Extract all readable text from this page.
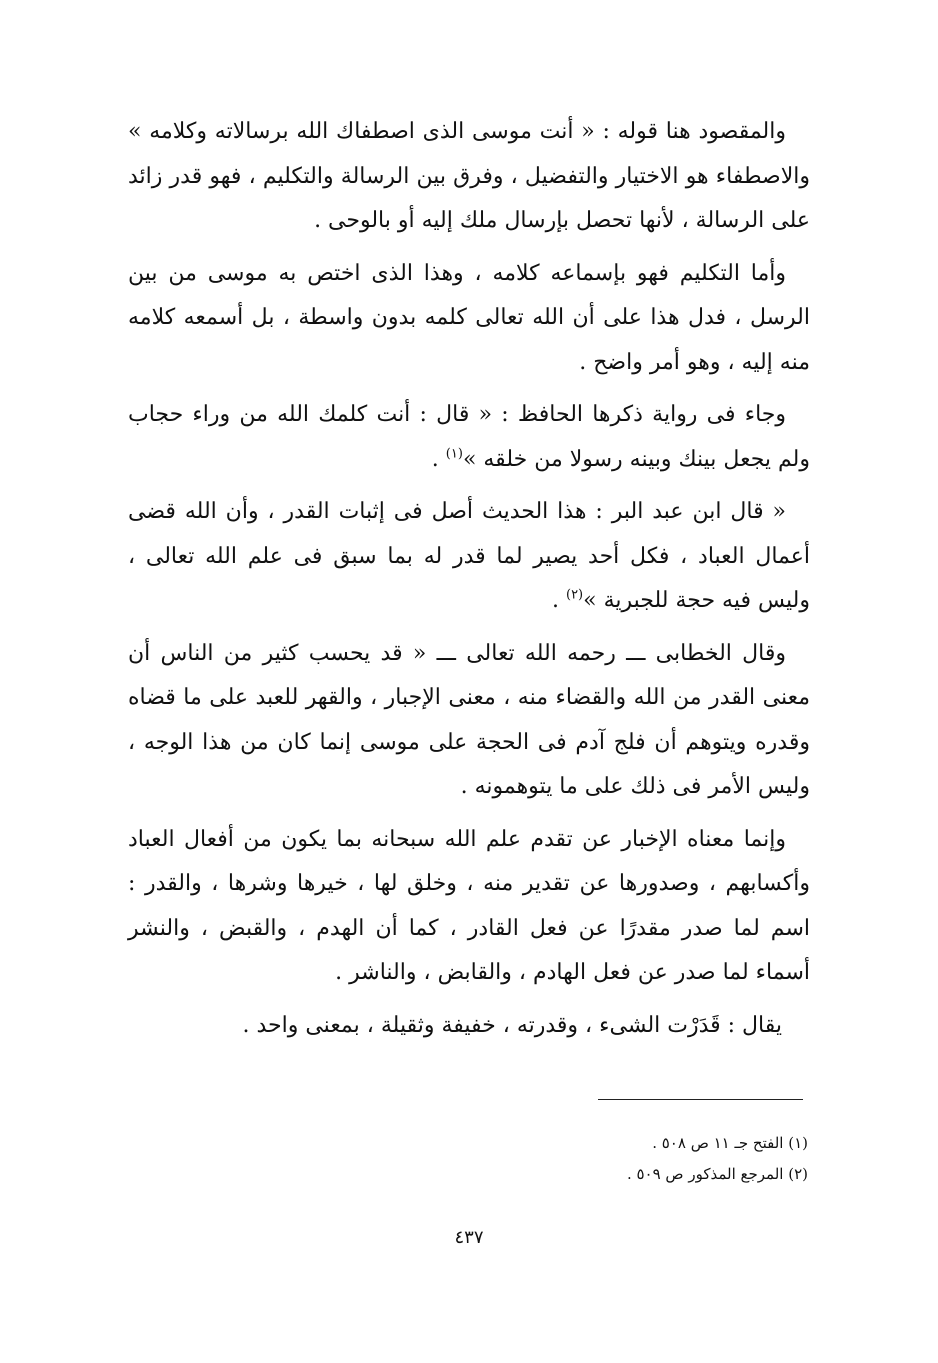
والمقصود هنا قوله : « أنت موسى الذى اصطفاك الله برسالاته وكلامه » والاصطفاء هو الاختيار والتفضيل ، وفرق بين الرسالة والتكليم ، فهو قدر زائد على الرسالة ، لأنها تحصل بإرسال ملك إليه أو بالوحى .

وأما التكليم فهو بإسماعه كلامه ، وهذا الذى اختص به موسى من بين الرسل ، فدل هذا على أن الله تعالى كلمه بدون واسطة ، بل أسمعه كلامه منه إليه ، وهو أمر واضح .

وجاء فى رواية ذكرها الحافظ : « قال : أنت كلمك الله من وراء حجاب ولم يجعل بينك وبينه رسولا من خلقه »$^{(١)}$ .

« قال ابن عبد البر : هذا الحديث أصل فى إثبات القدر ، وأن الله قضى أعمال العباد ، فكل أحد يصير لما قدر له بما سبق فى علم الله تعالى ، وليس فيه حجة للجبرية »$^{(٢)}$ .

وقال الخطابى ـــ رحمه الله تعالى ـــ « قد يحسب كثير من الناس أن معنى القدر من الله والقضاء منه ، معنى الإجبار ، والقهر للعبد على ما قضاه وقدره ويتوهم أن فلج آدم فى الحجة على موسى إنما كان من هذا الوجه ، وليس الأمر فى ذلك على ما يتوهمونه .

وإنما معناه الإخبار عن تقدم علم الله سبحانه بما يكون من أفعال العباد وأكسابهم ، وصدورها عن تقدير منه ، وخلق لها ، خيرها وشرها ، والقدر : اسم لما صدر مقدرًا عن فعل القادر ، كما أن الهدم ، والقبض ، والنشر أسماء لما صدر عن فعل الهادم ، والقابض ، والناشر .

يقال : قَدَرْت الشىء ، وقدرته ، خفيفة وثقيلة ، بمعنى واحد .

(١) الفتح جـ ١١ ص ٥٠٨ .

(٢) المرجع المذكور ص ٥٠٩ .

٤٣٧
